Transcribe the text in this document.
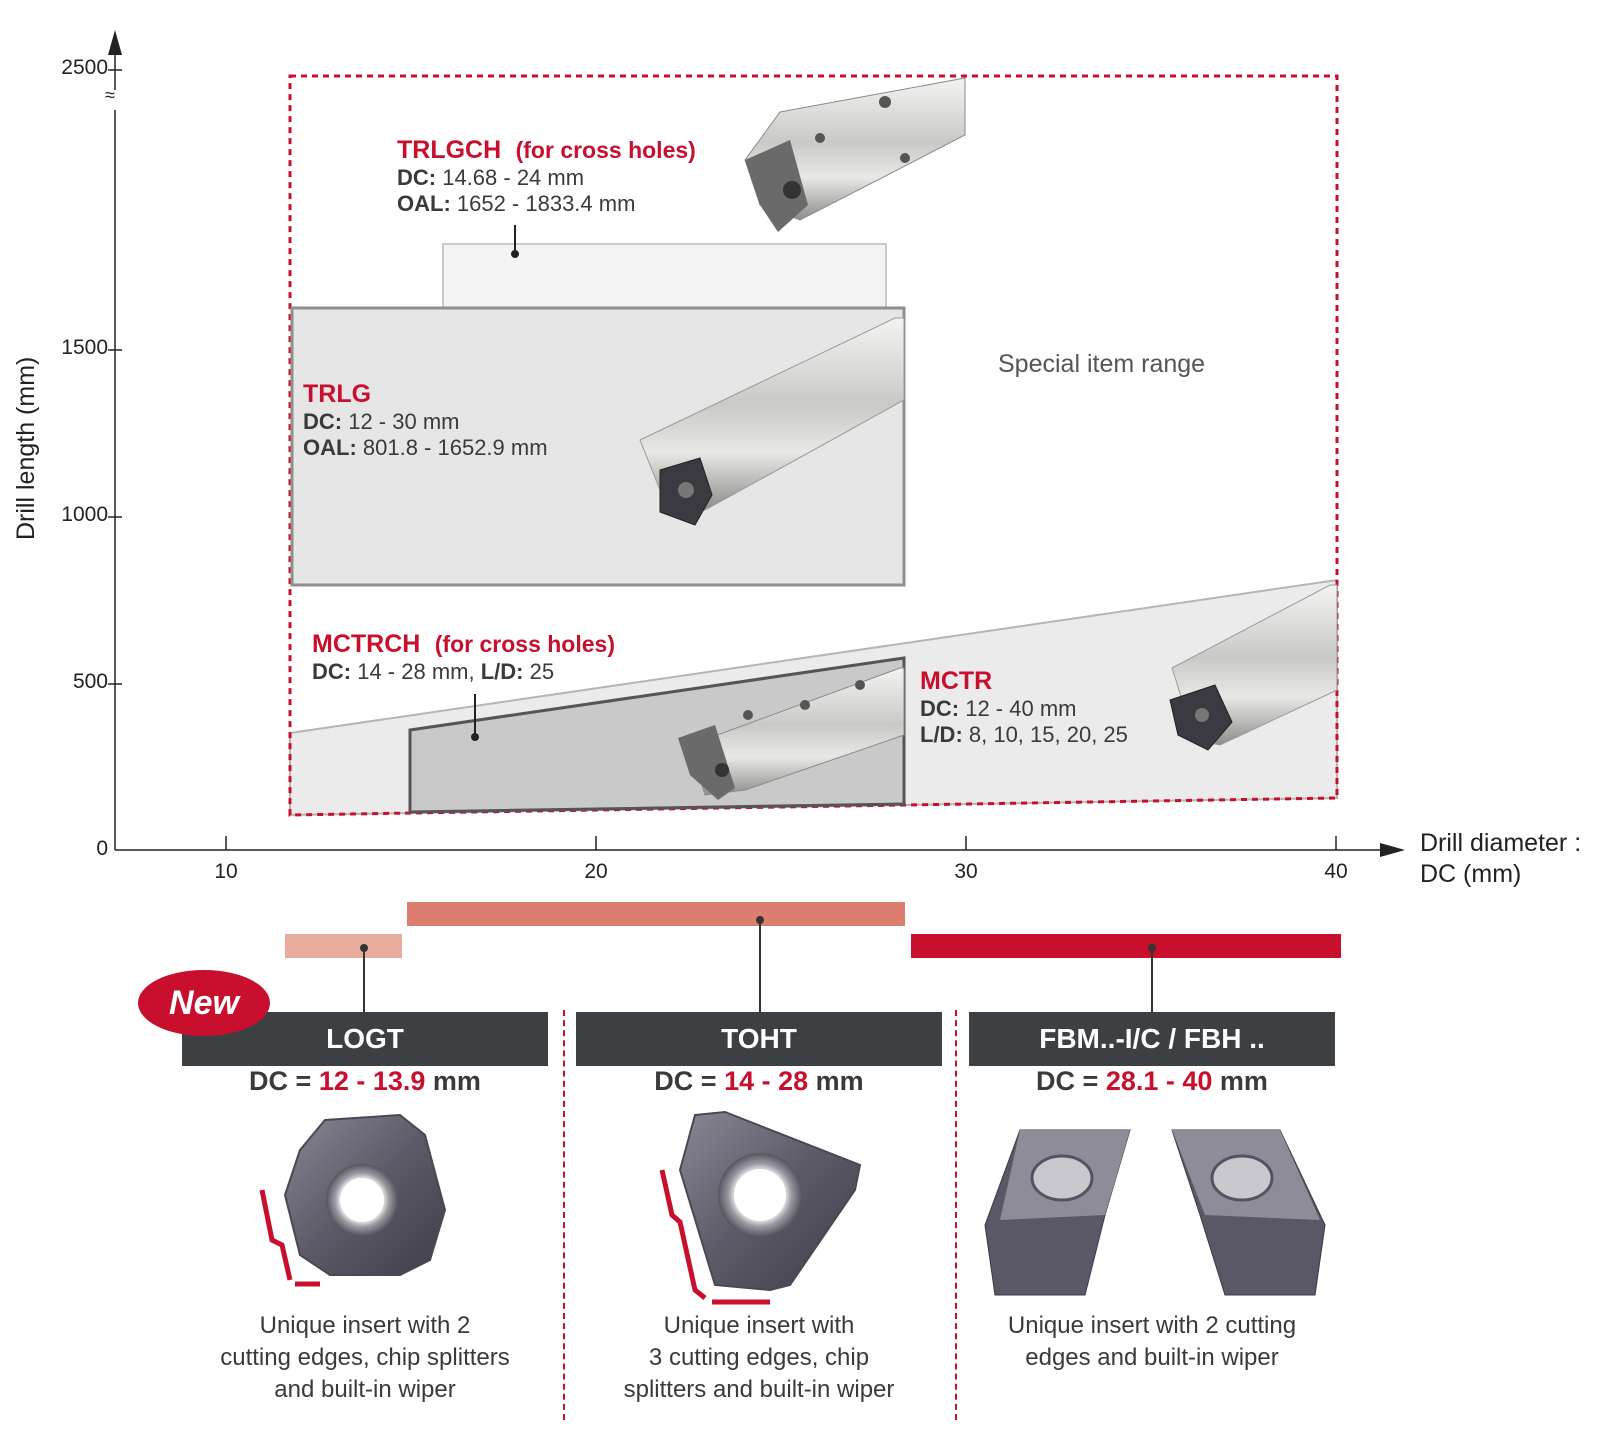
2500
≈
1500
1000
500
0
10	20	30	40
Drill length (mm)
Drill diameter :
DC (mm)
TRLGCH (for cross holes)
DC: 14.68 - 24 mm
OAL: 1652 - 1833.4 mm
TRLG
DC: 12 - 30 mm
OAL: 801.8 - 1652.9 mm
Special item range
MCTRCH (for cross holes)
DC: 14 - 28 mm, L/D: 25	MCTR
DC: 12 - 40 mm
L/D: 8, 10, 15, 20, 25
LOGT
New
DC = 12 - 13.9 mm
Unique insert with 2
cutting edges, chip splitters
and built-in wiper
TOHT
DC = 14 - 28 mm
Unique insert with
3 cutting edges, chip
splitters and built-in wiper
FBM..-I/C / FBH ..
DC = 28.1 - 40 mm
Unique insert with 2 cutting
edges and built-in wiper
